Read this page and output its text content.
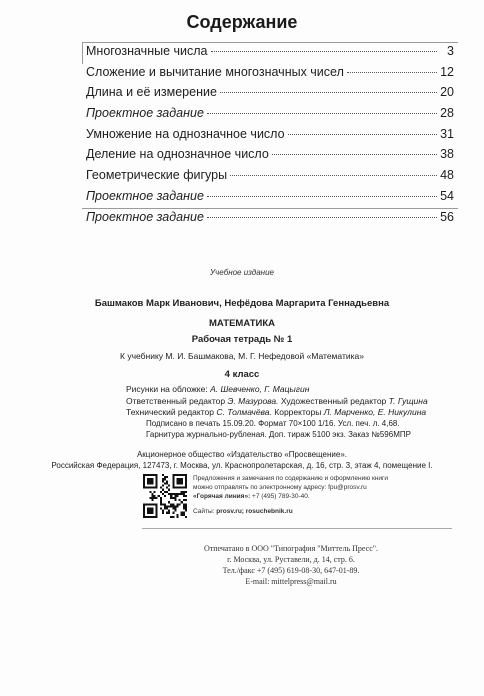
Содержание
Многозначные числа	3
Сложение и вычитание многозначных чисел	12
Длина и её измерение	20
Проектное задание	28
Умножение на однозначное число	31
Деление на однозначное число	38
Геометрические фигуры	48
Проектное задание	54
Проектное задание	56
Учебное издание
Башмаков Марк Иванович, Нефёдова Маргарита Геннадьевна
МАТЕМАТИКА
Рабочая тетрадь № 1
К учебнику М. И. Башмакова, М. Г. Нефедовой «Математика»
4 класс
Рисунки на обложке: А. Шевченко, Г. Мацыгин
Ответственный редактор Э. Мазурова. Художественный редактор Т. Гущина
Технический редактор С. Толмачёва. Корректоры Л. Марченко, Е. Никулина
Подписано в печать 15.09.20. Формат 70×100 1/16. Усл. печ. л. 4,68.
Гарнитура журнально-рубленая. Доп. тираж 5100 экз. Заказ №596МПР
Акционерное общество «Издательство «Просвещение».
Российская Федерация, 127473, г. Москва, ул. Краснопролетарская, д. 16, стр. 3, этаж 4, помещение I.
Предложения и замечания по содержанию и оформлению книги
можно отправлять по электронному адресу: fpu@prosv.ru
«Горячая линия»: +7 (495) 789-30-40.
Сайты: prosv.ru; rosuchebnik.ru
Отпечатано в ООО "Типография "Миттель Пресс".
г. Москва, ул. Руставели, д. 14, стр. 6.
Тел./факс +7 (495) 619-08-30, 647-01-89.
E-mail: mittelpress@mail.ru
